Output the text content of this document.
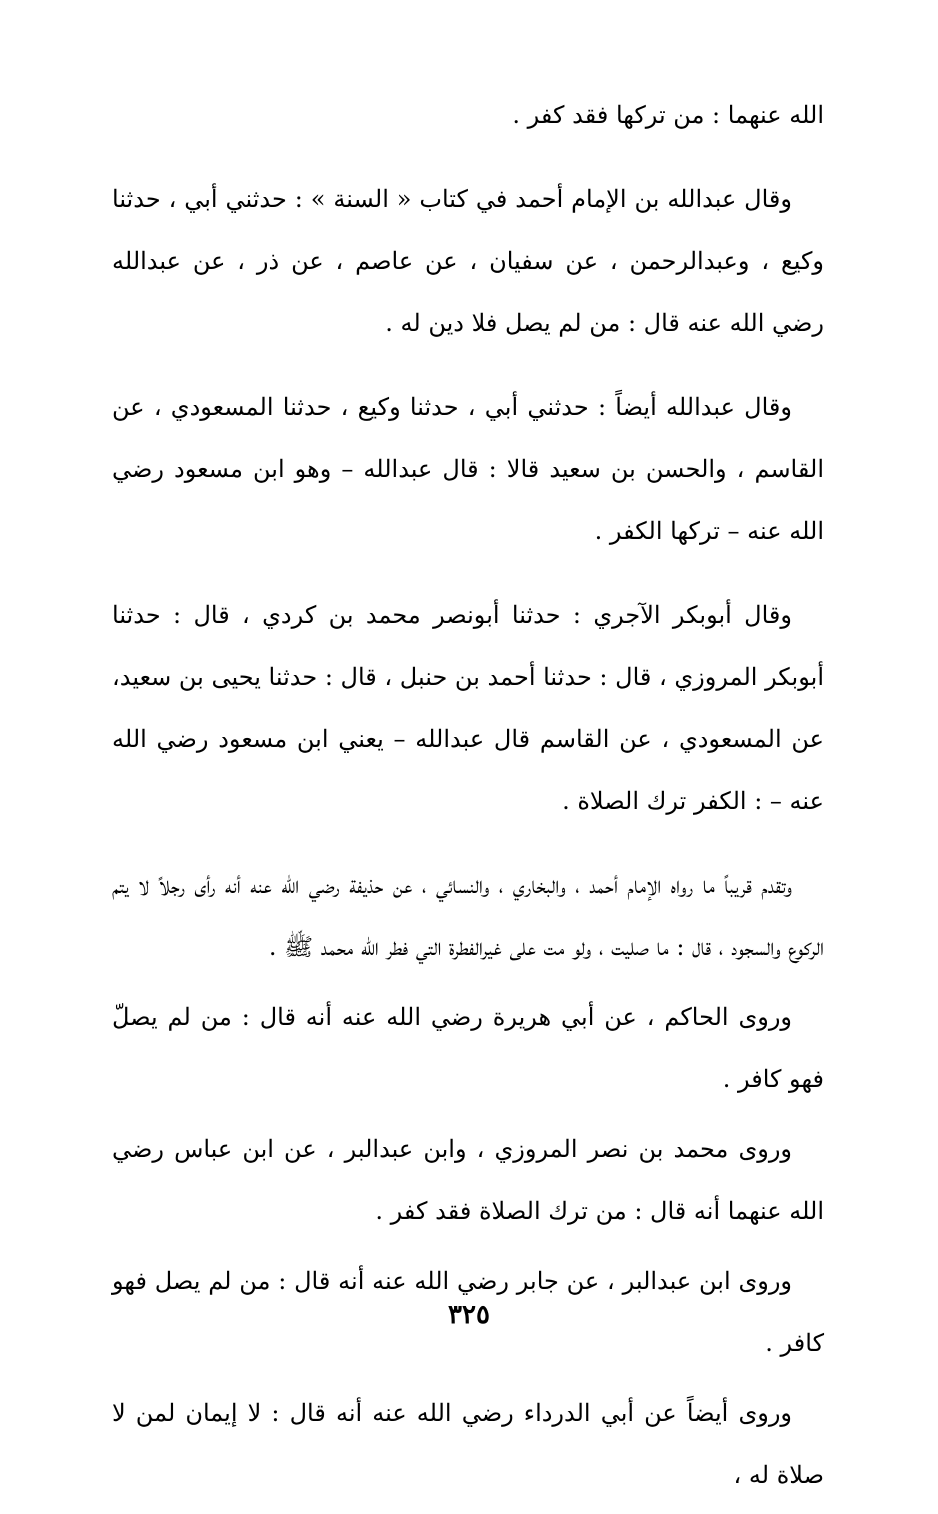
الله عنهما : من تركها فقد كفر .

وقال عبدالله بن الإمام أحمد في كتاب « السنة » : حدثني أبي ، حدثنا وكيع ، وعبدالرحمن ، عن سفيان ، عن عاصم ، عن ذر ، عن عبدالله رضي الله عنه قال : من لم يصل فلا دين له .

وقال عبدالله أيضاً : حدثني أبي ، حدثنا وكيع ، حدثنا المسعودي ، عن القاسم ، والحسن بن سعيد قالا : قال عبدالله – وهو ابن مسعود رضي الله عنه – تركها الكفر .

وقال أبوبكر الآجري : حدثنا أبونصر محمد بن كردي ، قال : حدثنا أبوبكر المروزي ، قال : حدثنا أحمد بن حنبل ، قال : حدثنا يحيى بن سعيد، عن المسعودي ، عن القاسم قال عبدالله – يعني ابن مسعود رضي الله عنه – : الكفر ترك الصلاة .

وتقدم قريباً ما رواه الإمام أحمد ، والبخاري ، والنسائي ، عن حذيفة رضي الله عنه أنه رأى رجلاً لا يتم الركوع والسجود ، قال : ما صليت ، ولو مت على غيرالفطرة التي فطر الله محمد ﷺ .

وروى الحاكم ، عن أبي هريرة رضي الله عنه أنه قال : من لم يصلّ فهو كافر .

وروى محمد بن نصر المروزي ، وابن عبدالبر ، عن ابن عباس رضي الله عنهما أنه قال : من ترك الصلاة فقد كفر .

وروى ابن عبدالبر ، عن جابر رضي الله عنه أنه قال : من لم يصل فهو كافر .

وروى أيضاً عن أبي الدرداء رضي الله عنه أنه قال : لا إيمان لمن لا صلاة له ،

٣٢٥
